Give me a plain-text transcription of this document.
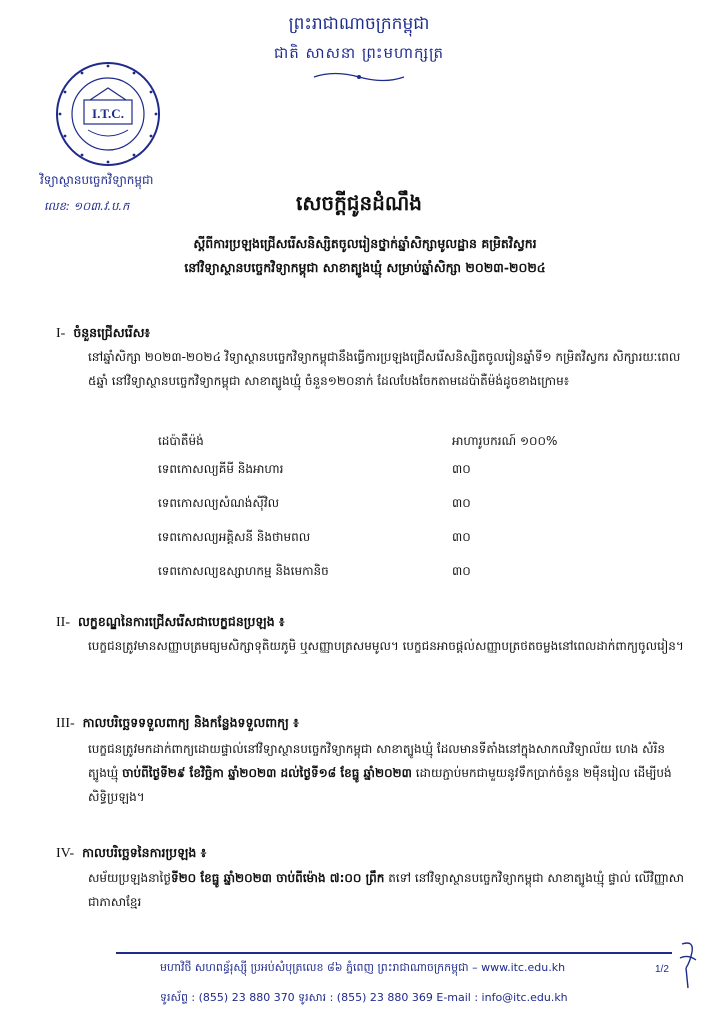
ព្រះរាជាណាចក្រកម្ពុជា
ជាតិ សាសនា ព្រះមហាក្សត្រ
I.T.C.
វិទ្យាស្ថានបច្ចេកវិទ្យាកម្ពុជា
លេខ: ១០៣.វ.ប.ក	សេចក្តីជូនដំណឹង
ស្តីពីការប្រឡងជ្រើសរើសនិស្សិតចូលរៀនថ្នាក់ឆ្នាំសិក្សាមូលដ្ឋាន គម្រិតវិស្វករ
នៅវិទ្យាស្ថានបច្ចេកវិទ្យាកម្ពុជា សាខាត្បូងឃ្មុំ សម្រាប់ឆ្នាំសិក្សា ២០២៣-២០២៤
I- ចំនួនជ្រើសរើស៖
នៅឆ្នាំសិក្សា ២០២៣-២០២៤ វិទ្យាស្ថានបច្ចេកវិទ្យាកម្ពុជានឹងធ្វើការប្រឡងជ្រើសរើសនិស្សិតចូលរៀនឆ្នាំទី១ កម្រិតវិស្វករ សិក្សារយៈពេល ៥ឆ្នាំ នៅវិទ្យាស្ថានបច្ចេកវិទ្យាកម្ពុជា សាខាត្បូងឃ្មុំ ចំនួន១២០នាក់ ដែលបែងចែកតាមដេប៉ាតឺម៉ង់ដូចខាងក្រោម៖
ដេប៉ាតឺម៉ង់	អាហារូបករណ៍ ១០០%
ទេពកោសល្យគីមី និងអាហារ	៣០
ទេពកោសល្យសំណង់ស៊ីវិល	៣០
ទេពកោសល្យអគ្គិសនី និងថាមពល	៣០
ទេពកោសល្យឧស្សាហកម្ម និងមេកានិច	៣០
II- លក្ខខណ្ឌនៃការជ្រើសរើសជាបេក្ខជនប្រឡង ៖
បេក្ខជនត្រូវមានសញ្ញាបត្រមធ្យមសិក្សាទុតិយភូមិ ឬសញ្ញាបត្រសមមូល។ បេក្ខជនអាចផ្តល់សញ្ញាបត្រថតចម្លងនៅពេលដាក់ពាក្យចូលរៀន។
III- កាលបរិច្ឆេទទទួលពាក្យ និងកន្លែងទទួលពាក្យ ៖
បេក្ខជនត្រូវមកដាក់ពាក្យដោយផ្ទាល់នៅវិទ្យាស្ថានបច្ចេកវិទ្យាកម្ពុជា សាខាត្បូងឃ្មុំ ដែលមានទីតាំងនៅក្នុងសាកលវិទ្យាល័យ ហេង សំរិន ត្បូងឃ្មុំ ចាប់ពីថ្ងៃទី២៩ ខែវិច្ឆិកា ឆ្នាំ២០២៣ ដល់ថ្ងៃទី១៨ ខែធ្នូ ឆ្នាំ២០២៣ ដោយភ្ជាប់មកជាមួយនូវទឹកប្រាក់ចំនួន ២ម៉ឺនរៀល ដើម្បីបង់សិទ្ធិប្រឡង។
IV- កាលបរិច្ឆេទនៃការប្រឡង ៖
សម័យប្រឡងនាថ្ងៃទី២០ ខែធ្នូ ឆ្នាំ២០២៣ ចាប់ពីម៉ោង ៧:០០ ព្រឹក តទៅ នៅវិទ្យាស្ថានបច្ចេកវិទ្យាកម្ពុជា សាខាត្បូងឃ្មុំ ផ្ទាល់ លើវិញ្ញាសាជាភាសាខ្មែរ
មហាវិថី សហពន្ធ័រុស្ស៊ី ប្រអប់សំបុត្រលេខ ៨៦ ភ្នំពេញ ព្រះរាជាណាចក្រកម្ពុជា – www.itc.edu.kh	1/2
ទូរស័ព្ទ : (855) 23 880 370 ទូរសារ : (855) 23 880 369 E-mail : info@itc.edu.kh
